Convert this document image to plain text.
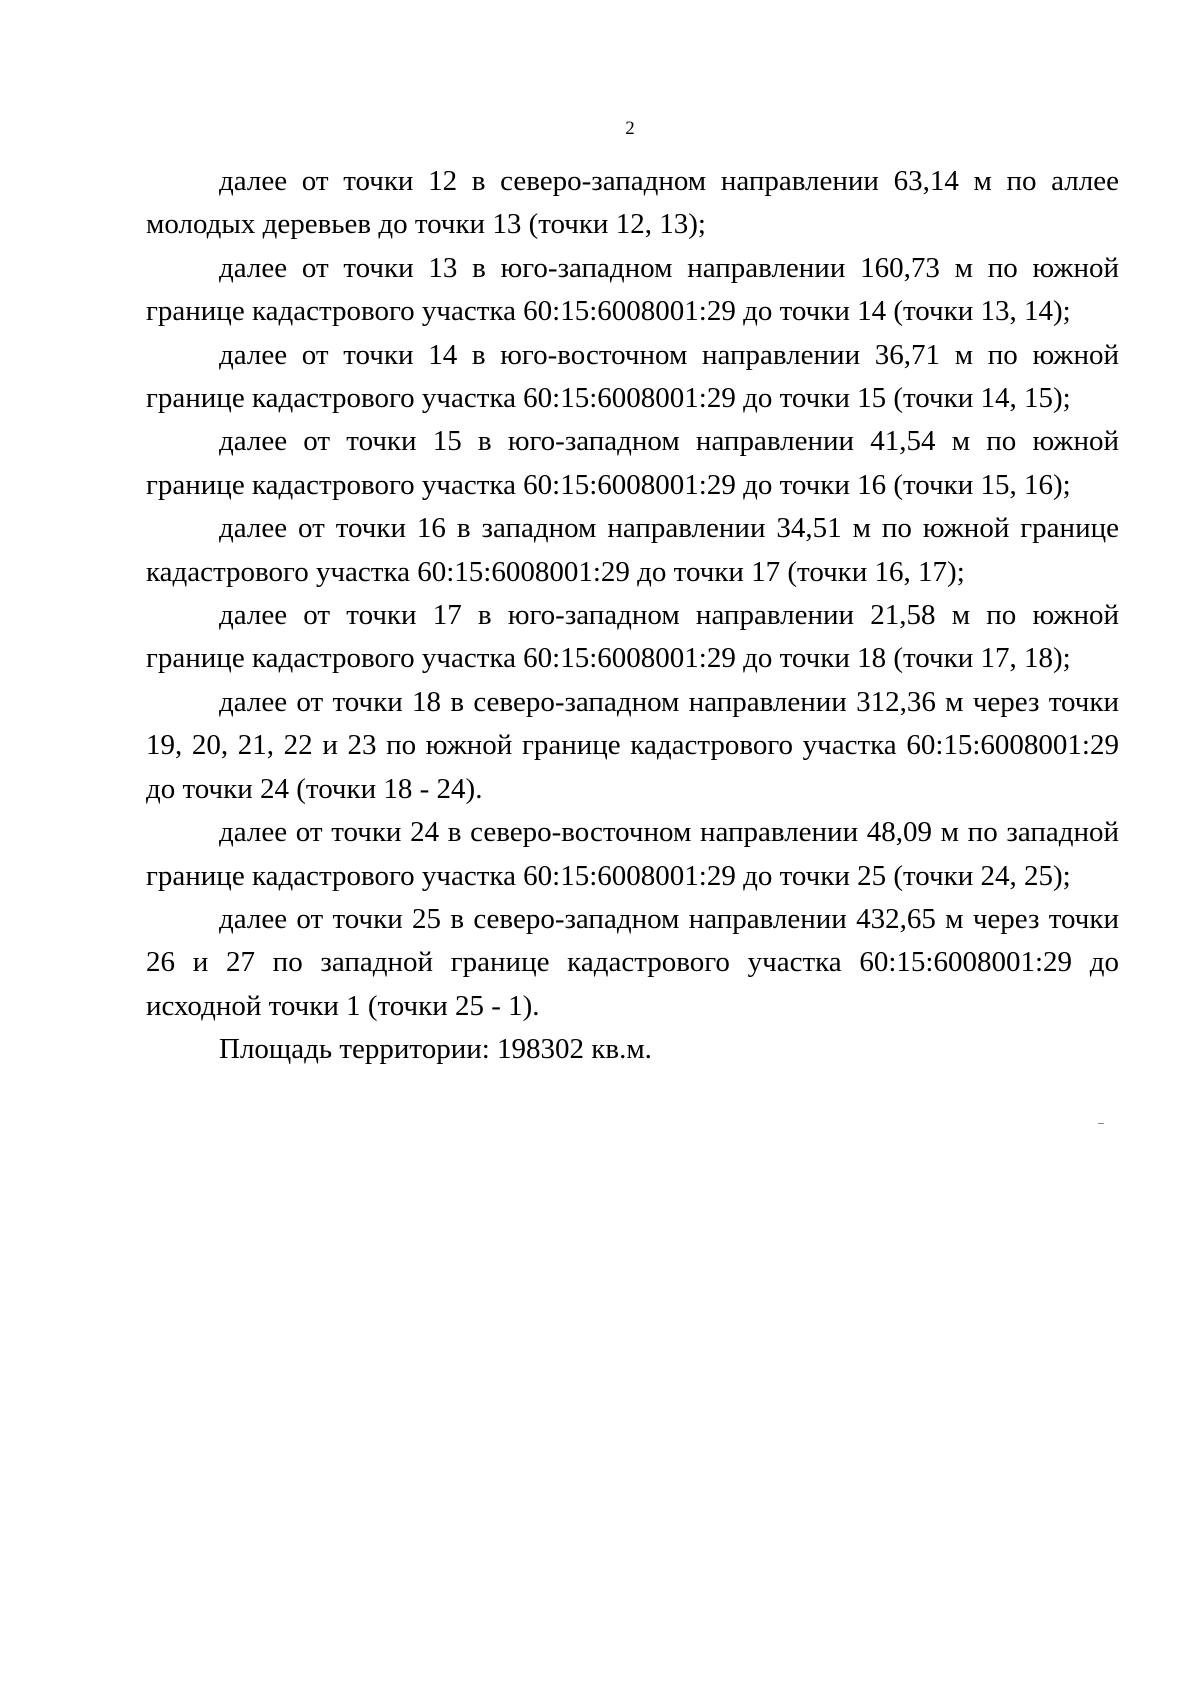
2

далее от точки 12 в северо-западном направлении 63,14 м по аллее молодых деревьев до точки 13 (точки 12, 13);

далее от точки 13 в юго-западном направлении 160,73 м по южной границе кадастрового участка 60:15:6008001:29 до точки 14 (точки 13, 14);

далее от точки 14 в юго-восточном направлении 36,71 м по южной границе кадастрового участка 60:15:6008001:29 до точки 15 (точки 14, 15);

далее от точки 15 в юго-западном направлении 41,54 м по южной границе кадастрового участка 60:15:6008001:29 до точки 16 (точки 15, 16);

далее от точки 16 в западном направлении 34,51 м по южной границе кадастрового участка 60:15:6008001:29 до точки 17 (точки 16, 17);

далее от точки 17 в юго-западном направлении 21,58 м по южной границе кадастрового участка 60:15:6008001:29 до точки 18 (точки 17, 18);

далее от точки 18 в северо-западном направлении 312,36 м через точки 19, 20, 21, 22 и 23 по южной границе кадастрового участка 60:15:6008001:29 до точки 24 (точки 18 - 24).

далее от точки 24 в северо-восточном направлении 48,09 м по западной границе кадастрового участка 60:15:6008001:29 до точки 25 (точки 24, 25);

далее от точки 25 в северо-западном направлении 432,65 м через точки 26 и 27 по западной границе кадастрового участка 60:15:6008001:29 до исходной точки 1 (точки 25 - 1).

Площадь территории: 198302 кв.м.
